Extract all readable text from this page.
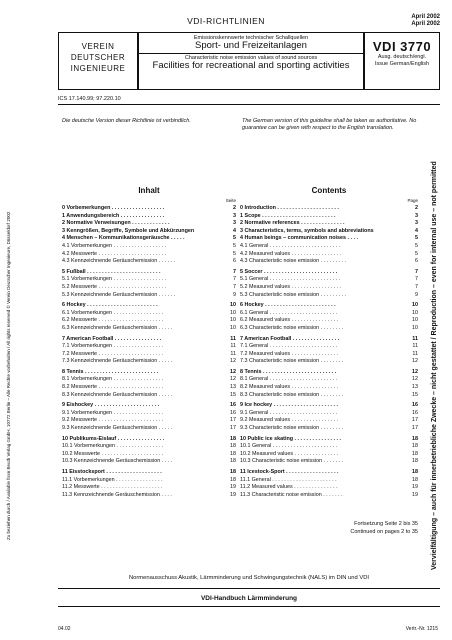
VDI-RICHTLINIEN	April 2002
April 2002
VEREIN
DEUTSCHER
INGENIEURE
Emissionskennwerte technischer Schallquellen
Sport- und Freizeitanlagen
Characteristic noise emission values of sound sources
Facilities for recreational and sporting activities
VDI 3770
Ausg. deutsch/engl.
Issue German/English
ICS 17.140.99; 97.220.10
Die deutsche Version dieser Richtlinie ist verbindlich.	The German version of this guideline shall be taken as authoritative. No guarantee can be given with respect to the English translation.
Inhalt	Contents
Seite	Page
0 Vorbemerkungen . . . . . . . . . . . . . . . . . .	2
1 Anwendungsbereich . . . . . . . . . . . . . . .	3
2 Normative Verweisungen . . . . . . . . . . . . .	3
3 Kenngrößen, Begriffe, Symbole und Abkürzungen	4
4 Menschen – Kommunikationsgeräusche . . . . .	5
4.1 Vorbemerkungen . . . . . . . . . . . . . . . . . .	5
4.2 Messwerte . . . . . . . . . . . . . . . . . . . . . . .	5
4.3 Kennzeichnende Geräuschemission . . . . . .	6
5 Fußball . . . . . . . . . . . . . . . . . . . . . . . . .	7
5.1 Vorbemerkungen . . . . . . . . . . . . . . . . . .	7
5.2 Messwerte . . . . . . . . . . . . . . . . . . . . . . .	7
5.3 Kennzeichnende Geräuschemission . . . . . .	9
6 Hockey . . . . . . . . . . . . . . . . . . . . . . . .	10
6.1 Vorbemerkungen . . . . . . . . . . . . . . . . .	10
6.2 Messwerte . . . . . . . . . . . . . . . . . . . . . .	10
6.3 Kennzeichnende Geräuschemission . . . . .	10
7 American Football . . . . . . . . . . . . . . . .	11
7.1 Vorbemerkungen . . . . . . . . . . . . . . . . .	11
7.2 Messwerte . . . . . . . . . . . . . . . . . . . . . .	11
7.3 Kennzeichnende Geräuschemission . . . . .	12
8 Tennis . . . . . . . . . . . . . . . . . . . . . . . . .	12
8.1 Vorbemerkungen . . . . . . . . . . . . . . . . .	12
8.2 Messwerte . . . . . . . . . . . . . . . . . . . . . .	13
8.3 Kennzeichnende Geräuschemission . . . . .	15
9 Eishockey . . . . . . . . . . . . . . . . . . . . . .	16
9.1 Vorbemerkungen . . . . . . . . . . . . . . . . .	16
9.2 Messwerte . . . . . . . . . . . . . . . . . . . . . .	17
9.3 Kennzeichnende Geräuschemission . . . . .	17
10 Publikums-Eislauf . . . . . . . . . . . . . . . .	18
10.1 Vorbemerkungen . . . . . . . . . . . . . . . .	18
10.2 Messwerte . . . . . . . . . . . . . . . . . . . . .	18
10.3 Kennzeichnende Geräuschemission . . . .	18
11 Eisstocksport . . . . . . . . . . . . . . . . . . .	18
11.1 Vorbemerkungen . . . . . . . . . . . . . . . .	18
11.2 Messwerte . . . . . . . . . . . . . . . . . . . . .	19
11.3 Kennzeichnende Geräuschemission . . . .	19
0 Introduction . . . . . . . . . . . . . . . . . . . . .	2
1 Scope . . . . . . . . . . . . . . . . . . . . . . . . .	3
2 Normative references . . . . . . . . . . . . . . .	3
3 Characteristics, terms, symbols and abbreviations	4
4 Human beings – communication noises . . . .	5
4.1 General . . . . . . . . . . . . . . . . . . . . . . . .	5
4.2 Measured values . . . . . . . . . . . . . . . . .	5
4.3 Characteristic noise emission . . . . . . . . .	6
5 Soccer . . . . . . . . . . . . . . . . . . . . . . . . .	7
5.1 General . . . . . . . . . . . . . . . . . . . . . . . .	7
5.2 Measured values . . . . . . . . . . . . . . . . .	7
5.3 Characteristic noise emission . . . . . . . . .	9
6 Hockey . . . . . . . . . . . . . . . . . . . . . . . .	10
6.1 General . . . . . . . . . . . . . . . . . . . . . . .	10
6.2 Measured values . . . . . . . . . . . . . . . .	10
6.3 Characteristic noise emission . . . . . . . .	10
7 American Football . . . . . . . . . . . . . . . .	11
7.1 General . . . . . . . . . . . . . . . . . . . . . . .	11
7.2 Measured values . . . . . . . . . . . . . . . .	11
7.3 Characteristic noise emission . . . . . . . .	12
8 Tennis . . . . . . . . . . . . . . . . . . . . . . . . .	12
8.1 General . . . . . . . . . . . . . . . . . . . . . . .	12
8.2 Measured values . . . . . . . . . . . . . . . .	13
8.3 Characteristic noise emission . . . . . . . .	15
9 Ice hockey . . . . . . . . . . . . . . . . . . . . . .	16
9.1 General . . . . . . . . . . . . . . . . . . . . . . .	16
9.2 Measured values . . . . . . . . . . . . . . . .	17
9.3 Characteristic noise emission . . . . . . . .	17
10 Public ice skating . . . . . . . . . . . . . . . .	18
10.1 General . . . . . . . . . . . . . . . . . . . . . .	18
10.2 Measured values . . . . . . . . . . . . . . .	18
10.3 Characteristic noise emission . . . . . . .	18
11 Icestock-Sport . . . . . . . . . . . . . . . . . .	18
11.1 General . . . . . . . . . . . . . . . . . . . . . .	18
11.2 Measured values . . . . . . . . . . . . . . .	19
11.3 Characteristic noise emission . . . . . . .	19
Fortsetzung Seite 2 bis 35
Continued on pages 2 to 35
Normenausschuss Akustik, Lärmminderung und Schwingungstechnik (NALS) im DIN und VDI
VDI-Handbuch Lärmminderung
04.02	Vertr.-Nr. 1215
Zu beziehen durch / Available from Beuth Verlag GmbH, 10772 Berlin – Alle Rechte vorbehalten / All rights reserved © Verein Deutscher Ingenieure, Düsseldorf 2002	Vervielfältigung – auch für innerbetriebliche Zwecke – nicht gestattet / Reproduction – even for internal use – not permitted
